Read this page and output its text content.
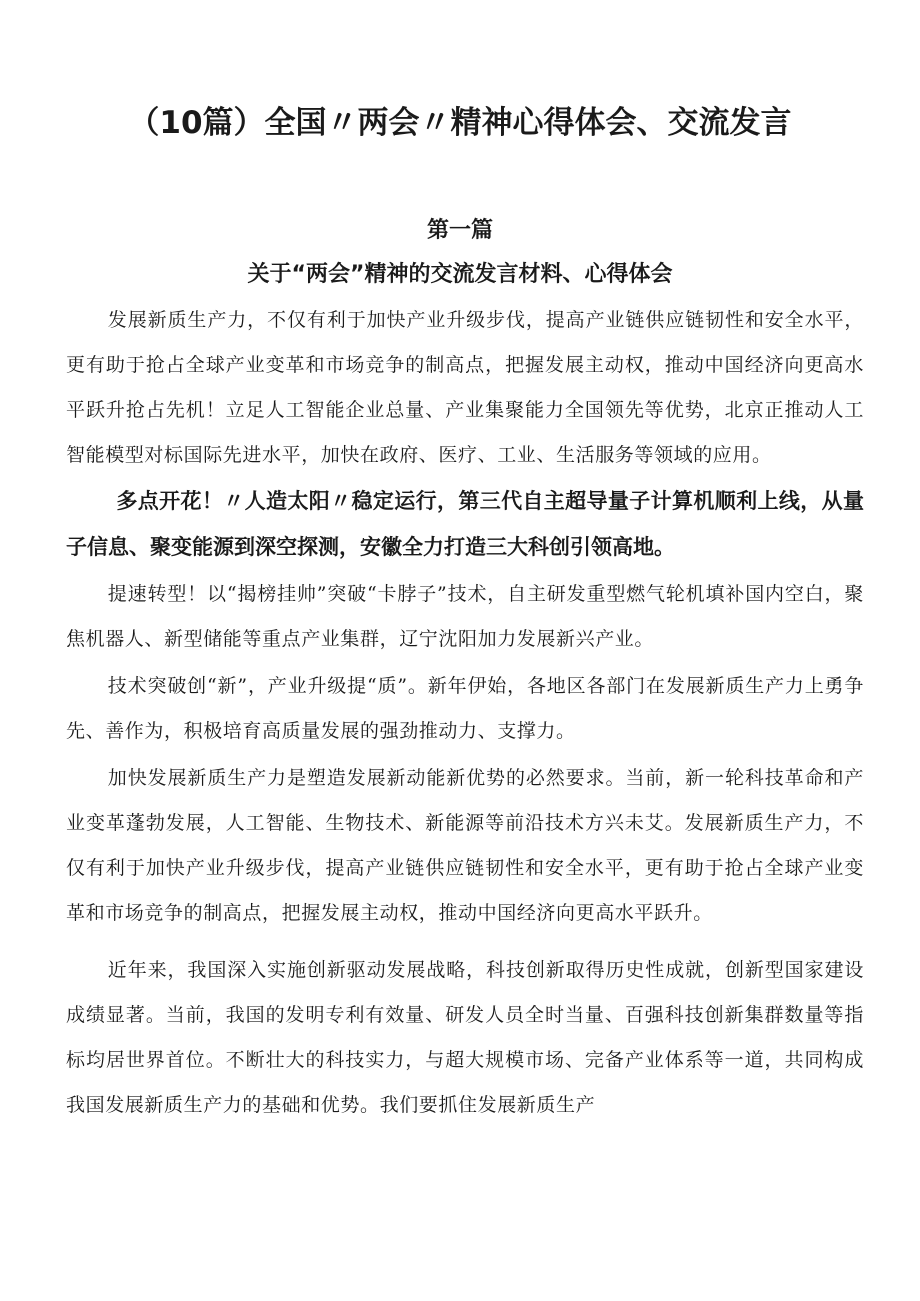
（10篇）全国〃两会〃精神心得体会、交流发言
第一篇
关于“两会”精神的交流发言材料、心得体会

发展新质生产力，不仅有利于加快产业升级步伐，提高产业链供应链韧性和安全水平，更有助于抢占全球产业变革和市场竞争的制高点，把握发展主动权，推动中国经济向更高水平跃升抢占先机！立足人工智能企业总量、产业集聚能力全国领先等优势，北京正推动人工智能模型对标国际先进水平，加快在政府、医疗、工业、生活服务等领域的应用。

多点开花！〃人造太阳〃稳定运行，第三代自主超导量子计算机顺利上线，从量子信息、聚变能源到深空探测，安徽全力打造三大科创引领高地。

提速转型！以“揭榜挂帅”突破“卡脖子”技术，自主研发重型燃气轮机填补国内空白，聚焦机器人、新型储能等重点产业集群，辽宁沈阳加力发展新兴产业。

技术突破创“新”，产业升级提“质”。新年伊始，各地区各部门在发展新质生产力上勇争先、善作为，积极培育高质量发展的强劲推动力、支撑力。

加快发展新质生产力是塑造发展新动能新优势的必然要求。当前，新一轮科技革命和产业变革蓬勃发展，人工智能、生物技术、新能源等前沿技术方兴未艾。发展新质生产力，不仅有利于加快产业升级步伐，提高产业链供应链韧性和安全水平，更有助于抢占全球产业变革和市场竞争的制高点，把握发展主动权，推动中国经济向更高水平跃升。

近年来，我国深入实施创新驱动发展战略，科技创新取得历史性成就，创新型国家建设成绩显著。当前，我国的发明专利有效量、研发人员全时当量、百强科技创新集群数量等指标均居世界首位。不断壮大的科技实力，与超大规模市场、完备产业体系等一道，共同构成我国发展新质生产力的基础和优势。我们要抓住发展新质生产
